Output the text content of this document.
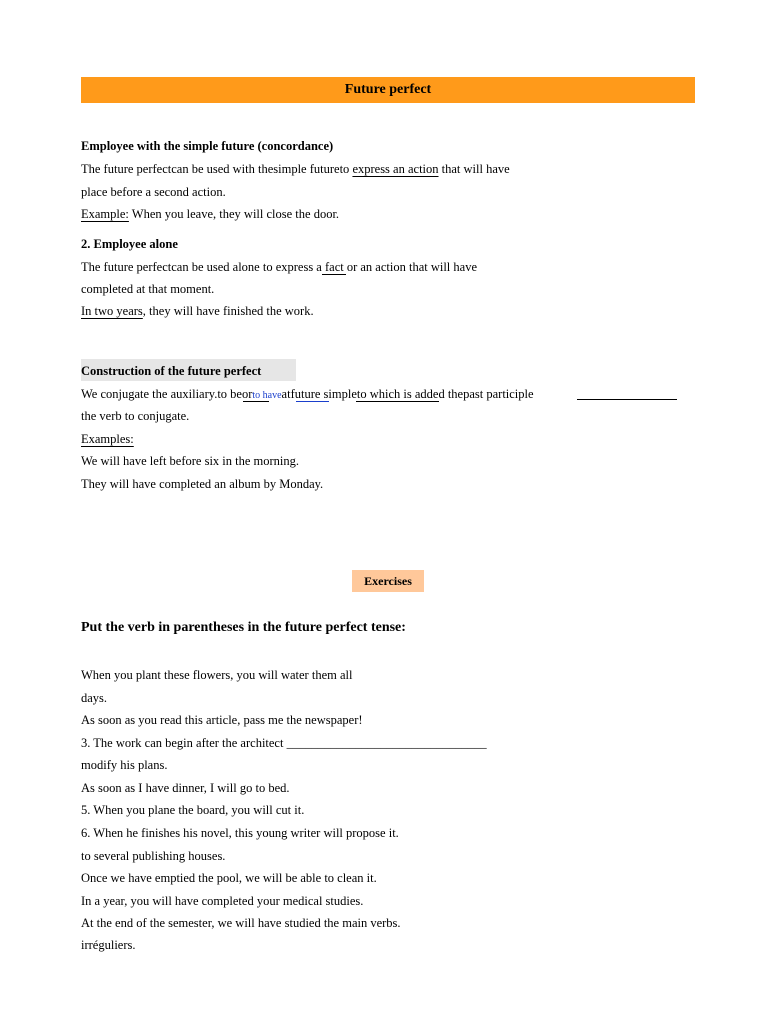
Future perfect
Employee with the simple future (concordance)
The future perfectcan be used with thesimple futureto express an action that will have
place before a second action.
Example: When you leave, they will close the door.
2. Employee alone
The future perfectcan be used alone to express a fact or an action that will have
completed at that moment.
In two years, they will have finished the work.
Construction of the future perfect
We conjugate the auxiliary.to beorto haveatfuture simpleto which is added thepast participle
the verb to conjugate.
Examples:
We will have left before six in the morning.
They will have completed an album by Monday.
Exercises
Put the verb in parentheses in the future perfect tense:
When you plant these flowers, you will water them all
days.
As soon as you read this article, pass me the newspaper!
3. The work can begin after the architect ________________________________
modify his plans.
As soon as I have dinner, I will go to bed.
5. When you plane the board, you will cut it.
6. When he finishes his novel, this young writer will propose it.
to several publishing houses.
Once we have emptied the pool, we will be able to clean it.
In a year, you will have completed your medical studies.
At the end of the semester, we will have studied the main verbs.
irréguliers.
